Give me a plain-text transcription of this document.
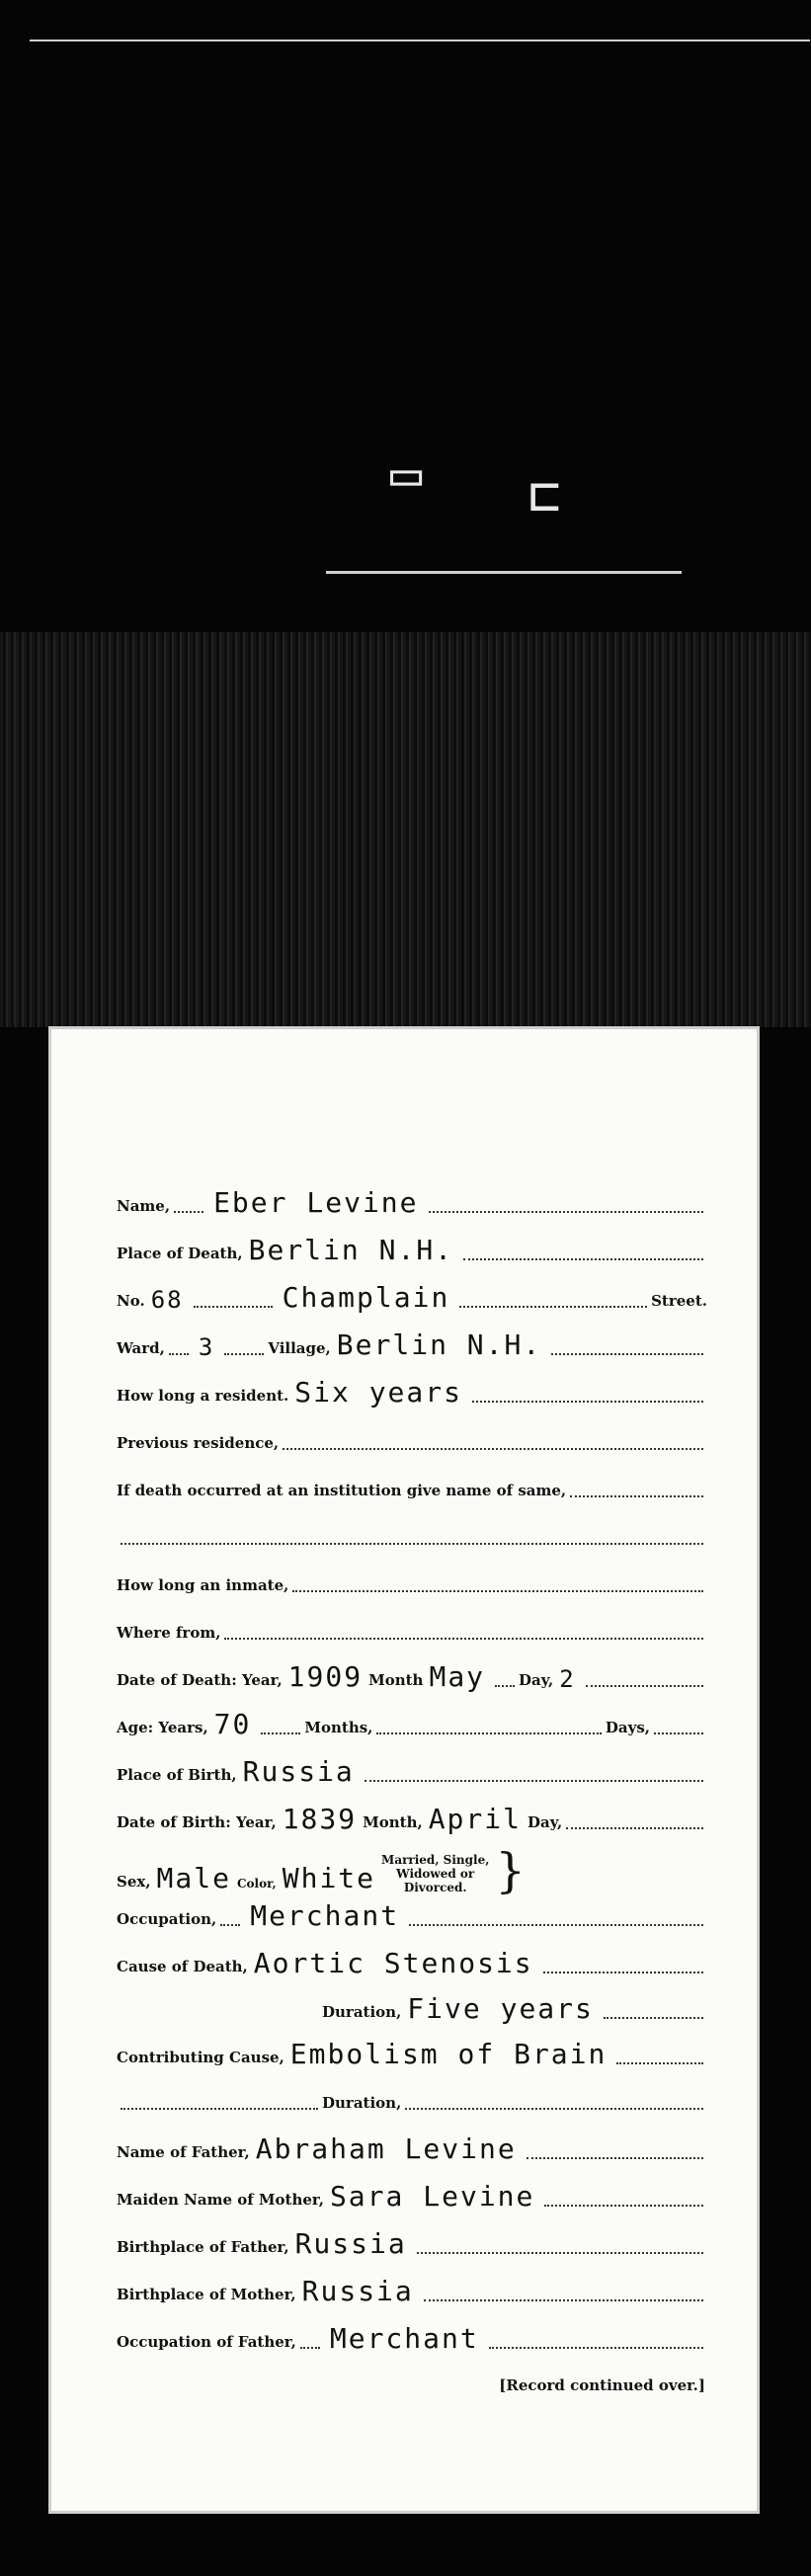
▭ ⊏
Name, Eber Levine
Place of Death, Berlin N.H.
No. 68	Champlain	Street.
Ward, 3	Village, Berlin N.H.
How long a resident. Six years
Previous residence,
If death occurred at an institution give name of same,
How long an inmate,
Where from,
Date of Death: Year, 1909 Month May	Day, 2
Age: Years, 70	Months,	Days,
Place of Birth, Russia
Date of Birth: Year, 1839 Month, April Day,
Sex, Male Color, White
Married, Single,
Widowed or
Divorced. }
Occupation, Merchant
Cause of Death, Aortic Stenosis
Duration, Five years
Contributing Cause, Embolism of Brain
Duration,
Name of Father, Abraham Levine
Maiden Name of Mother, Sara Levine
Birthplace of Father, Russia
Birthplace of Mother, Russia
Occupation of Father, Merchant
[Record continued over.]
